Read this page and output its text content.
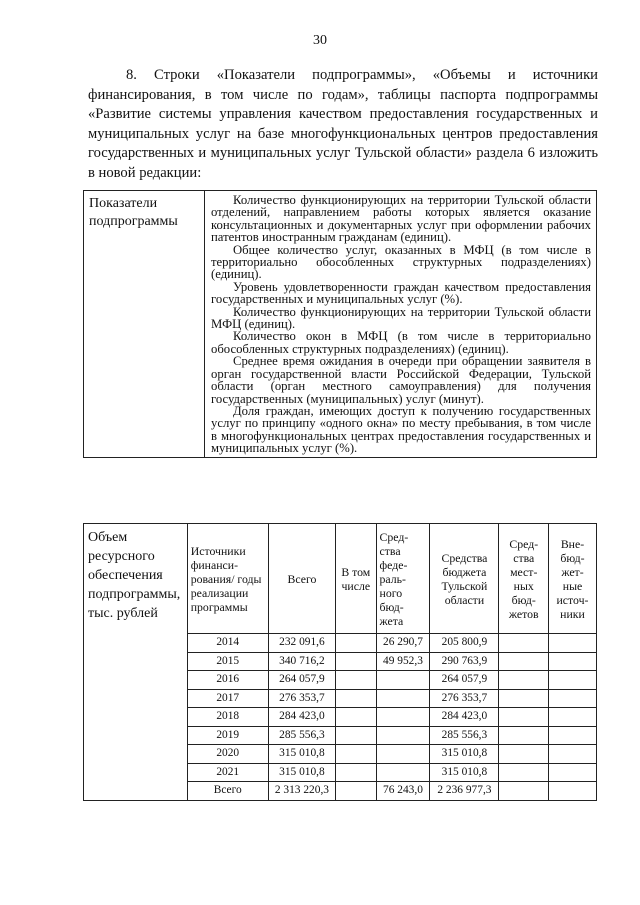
30
8. Строки «Показатели подпрограммы», «Объемы и источники финансирования, в том числе по годам», таблицы паспорта подпрограммы «Развитие системы управления качеством предоставления государственных и муниципальных услуг на базе многофункциональных центров предоставления государственных и муниципальных услуг Тульской области» раздела 6 изложить в новой редакции:
Показатели подпрограммы	

Количество функционирующих на территории Тульской области отделений, направлением работы которых является оказание консультационных и документарных услуг при оформлении рабочих патентов иностранным гражданам (единиц).

Общее количество услуг, оказанных в МФЦ (в том числе в территориально обособленных структурных подразделениях) (единиц).

Уровень удовлетворенности граждан качеством предоставления государственных и муниципальных услуг (%).

Количество функционирующих на территории Тульской области МФЦ (единиц).

Количество окон в МФЦ (в том числе в территориально обособленных структурных подразделениях) (единиц).

Среднее время ожидания в очереди при обращении заявителя в орган государственной власти Российской Федерации, Тульской области (орган местного самоуправления) для получения государственных (муниципальных) услуг (минут).

Доля граждан, имеющих доступ к получению государственных услуг по принципу «одного окна» по месту пребывания, в том числе в многофункциональных центрах предоставления государственных и муниципальных услуг (%).

Объем ресурсного обеспечения подпрограммы, тыс. рублей	Источники финанси-рования/ годы реализации программы	Всего	В том числе	Сред-ства феде-раль-ного бюд-жета	Средства бюджета Тульской области	Сред-ства мест-ных бюд-жетов	Вне-бюд-жет-ные источ-ники
	2014	232 091,6		26 290,7	205 800,9		
	2015	340 716,2		49 952,3	290 763,9		
	2016	264 057,9			264 057,9		
	2017	276 353,7			276 353,7		
	2018	284 423,0			284 423,0		
	2019	285 556,3			285 556,3		
	2020	315 010,8			315 010,8		
	2021	315 010,8			315 010,8		
	Всего	2 313 220,3		76 243,0	2 236 977,3		
